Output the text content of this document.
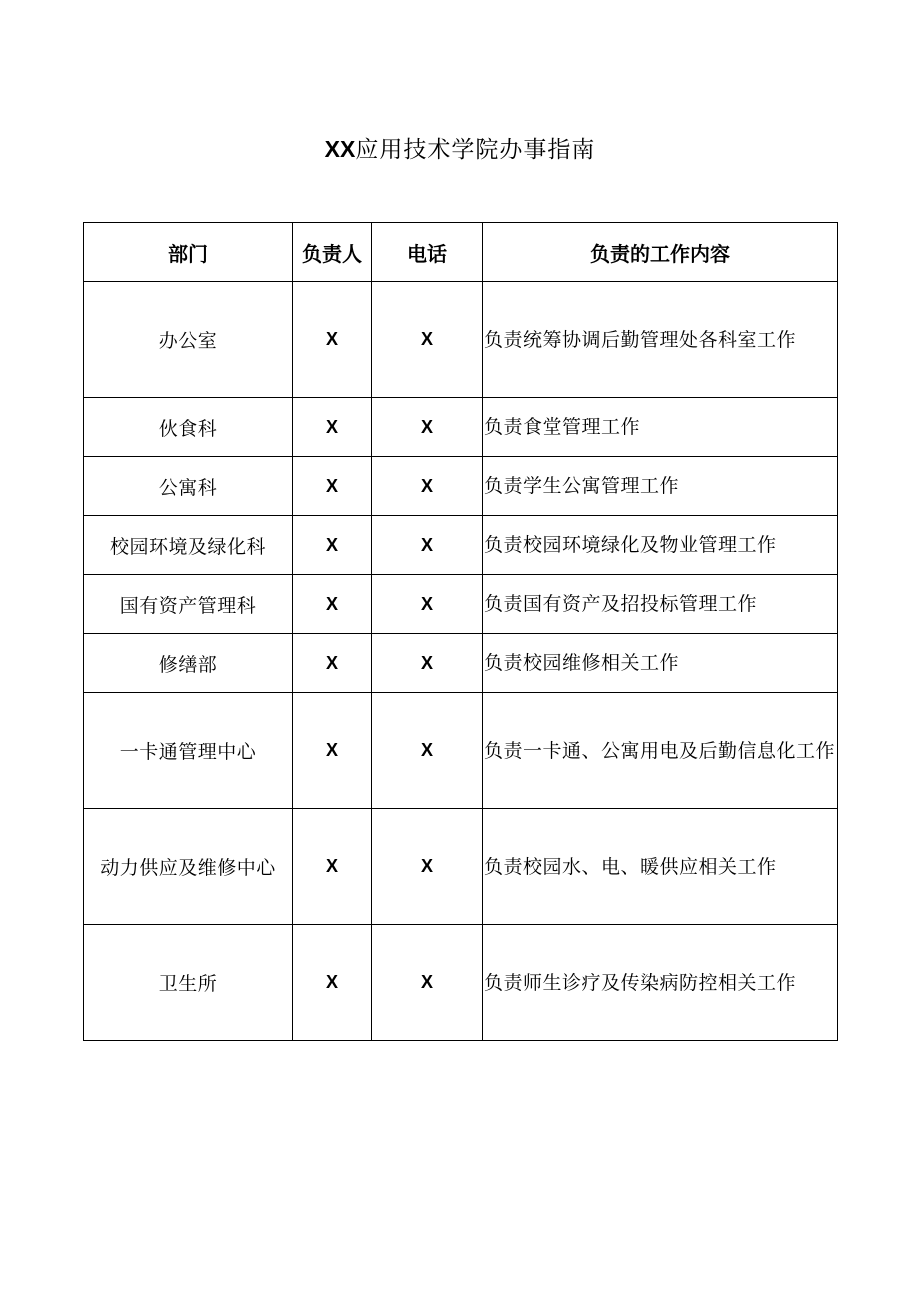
XX应用技术学院办事指南
部门	负责人	电话	负责的工作内容
办公室	X	X	负责统筹协调后勤管理处各科室工作
伙食科	X	X	负责食堂管理工作
公寓科	X	X	负责学生公寓管理工作
校园环境及绿化科	X	X	负责校园环境绿化及物业管理工作
国有资产管理科	X	X	负责国有资产及招投标管理工作
修缮部	X	X	负责校园维修相关工作
一卡通管理中心	X	X	负责一卡通、公寓用电及后勤信息化工作
动力供应及维修中心	X	X	负责校园水、电、暖供应相关工作
卫生所	X	X	负责师生诊疗及传染病防控相关工作
